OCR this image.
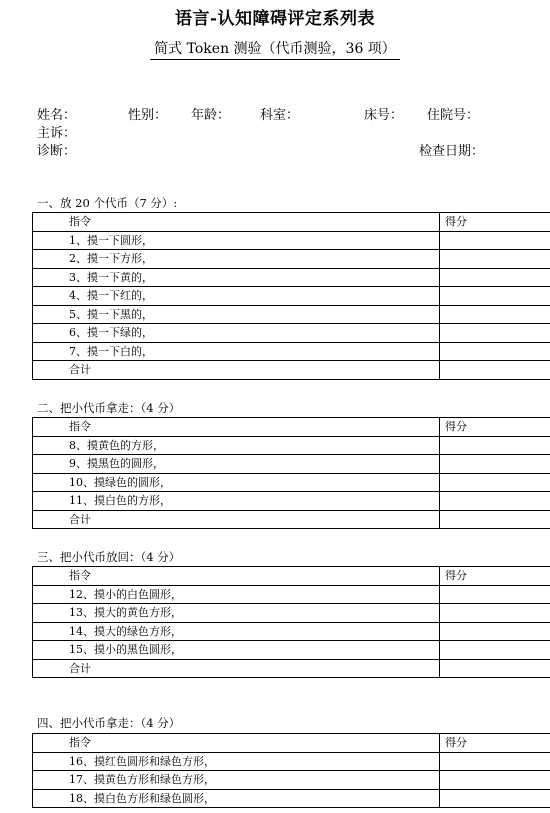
语言-认知障碍评定系列表
简式 Token 测验（代币测验，36 项）
姓名：	性别： 年龄： 科室：	床号： 住院号：
主诉：
诊断：	检查日期：
一、放 20 个代币（7 分）:
指令	得分
1、摸一下圆形，	
2、摸一下方形，	
3、摸一下黄的，	
4、摸一下红的，	
5、摸一下黑的，	
6、摸一下绿的，	
7、摸一下白的，	
合计	
二、把小代币拿走：（4 分）
指令	得分
8、摸黄色的方形，	
9、摸黑色的圆形，	
10、摸绿色的圆形，	
11、摸白色的方形，	
合计	
三、把小代币放回：（4 分）
指令	得分
12、摸小的白色圆形，	
13、摸大的黄色方形，	
14、摸大的绿色方形，	
15、摸小的黑色圆形，	
合计	
四、把小代币拿走：（4 分）
指令	得分
16、摸红色圆形和绿色方形，	
17、摸黄色方形和绿色方形，	
18、摸白色方形和绿色圆形，	
